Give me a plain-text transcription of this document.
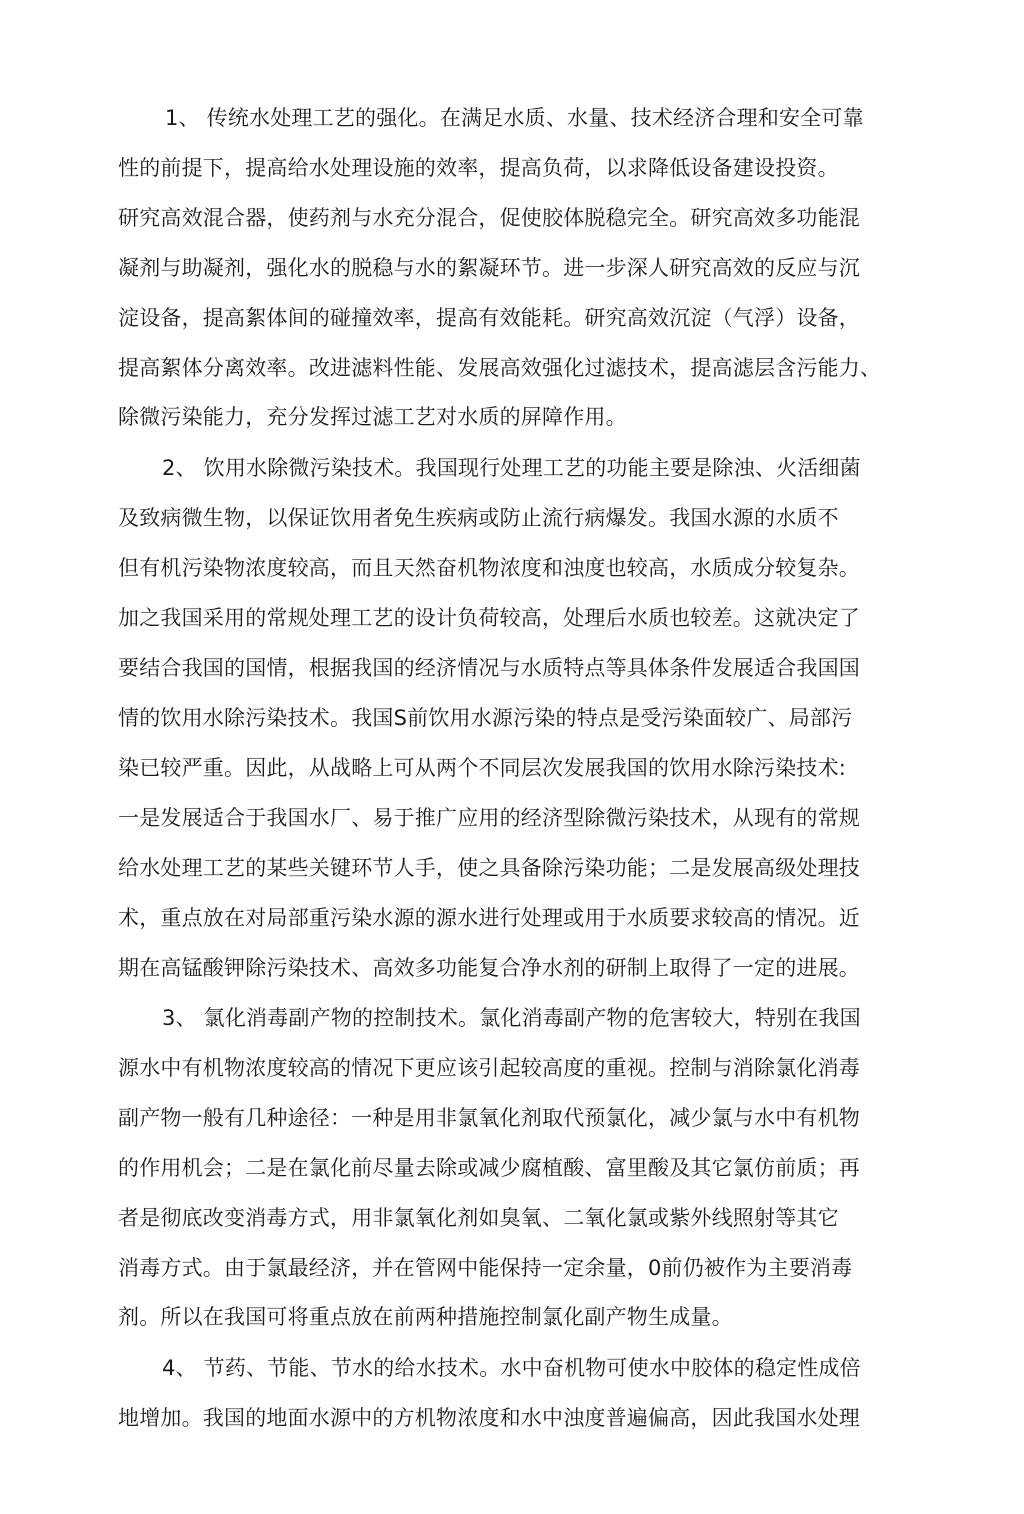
1、 传统水处理工艺的强化。在满足水质、水量、技术经济合理和安全可靠
性的前提下，提高给水处理设施的效率，提高负荷，以求降低设备建设投资。
研究高效混合器，使药剂与水充分混合，促使胶体脱稳完全。研究高效多功能混
凝剂与助凝剂，强化水的脱稳与水的絮凝环节。进一步深人研究高效的反应与沉
淀设备，提高絮体间的碰撞效率，提高有效能耗。研究高效沉淀（气浮）设备，
提高絮体分离效率。改进滤料性能、发展高效强化过滤技术，提高滤层含污能力、
除微污染能力，充分发挥过滤工艺对水质的屏障作用。
2、 饮用水除微污染技术。我国现行处理工艺的功能主要是除浊、火活细菌
及致病微生物，以保证饮用者免生疾病或防止流行病爆发。我国水源的水质不
但有机污染物浓度较高，而且天然奋机物浓度和浊度也较高，水质成分较复杂。
加之我国采用的常规处理工艺的设计负荷较高，处理后水质也较差。这就决定了
要结合我国的国情，根据我国的经济情况与水质特点等具体条件发展适合我国国
情的饮用水除污染技术。我国S前饮用水源污染的特点是受污染面较广、局部污
染已较严重。因此，从战略上可从两个不同层次发展我国的饮用水除污染技术:
一是发展适合于我国水厂、易于推广应用的经济型除微污染技术，从现有的常规
给水处理工艺的某些关键环节人手，使之具备除污染功能；二是发展高级处理技
术，重点放在对局部重污染水源的源水进行处理或用于水质要求较高的情况。近
期在高锰酸钾除污染技术、高效多功能复合净水剂的研制上取得了一定的进展。
3、 氯化消毒副产物的控制技术。氯化消毒副产物的危害较大，特别在我国
源水中有机物浓度较高的情况下更应该引起较高度的重视。控制与消除氯化消毒
副产物一般有几种途径：一种是用非氯氧化剂取代预氯化，减少氯与水中有机物
的作用机会；二是在氯化前尽量去除或减少腐植酸、富里酸及其它氯仿前质；再
者是彻底改变消毒方式，用非氯氧化剂如臭氧、二氧化氯或紫外线照射等其它
消毒方式。由于氯最经济，并在管网中能保持一定余量，0前仍被作为主要消毒
剂。所以在我国可将重点放在前两种措施控制氯化副产物生成量。
4、 节药、节能、节水的给水技术。水中奋机物可使水中胶体的稳定性成倍
地增加。我国的地面水源中的方机物浓度和水中浊度普遍偏高，因此我国水处理
